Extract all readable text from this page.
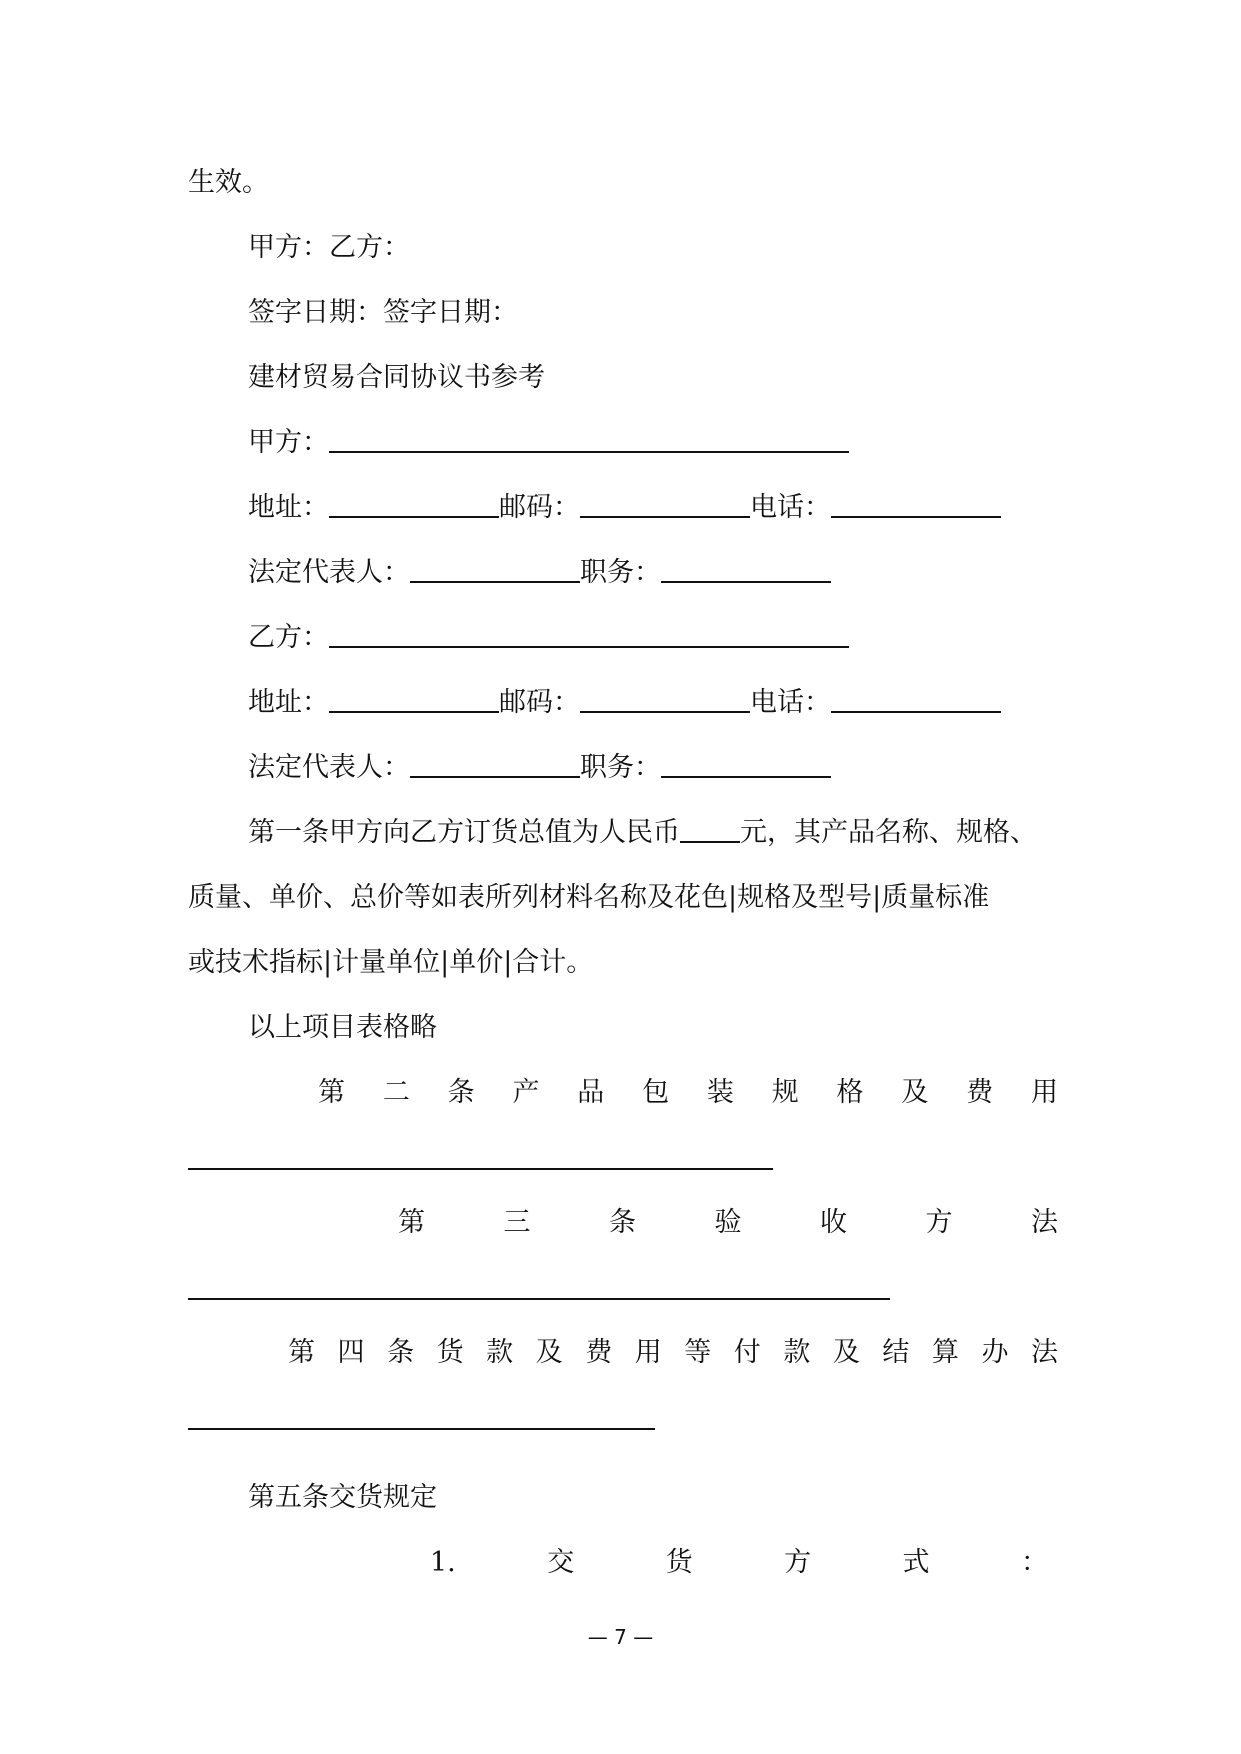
生效。
甲方：乙方：
签字日期：签字日期：
建材贸易合同协议书参考
甲方：
地址：	邮码：	电话：
法定代表人：	职务：
乙方：
地址：	邮码：	电话：
法定代表人：	职务：
第一条甲方向乙方订货总值为人民币 元，其产品名称、规格、
质量、单价、总价等如表所列材料名称及花色|规格及型号|质量标准
或技术指标|计量单位|单价|合计。
以上项目表格略
第 二 条 产 品 包 装 规 格 及 费 用
第	三	条	验	收	方	法
第 四 条 货 款 及 费 用 等 付 款 及 结 算 办 法
第五条交货规定
1.	交	货	方	式	：
— 7 —
